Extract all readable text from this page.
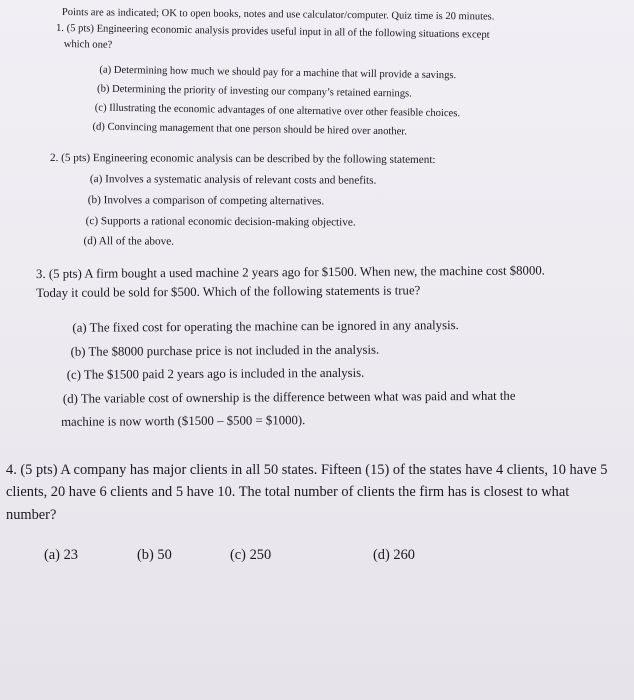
Points are as indicated; OK to open books, notes and use calculator/computer. Quiz time is 20 minutes.
1. (5 pts) Engineering economic analysis provides useful input in all of the following situations except
which one?
(a) Determining how much we should pay for a machine that will provide a savings.
(b) Determining the priority of investing our company’s retained earnings.
(c) Illustrating the economic advantages of one alternative over other feasible choices.
(d) Convincing management that one person should be hired over another.
2. (5 pts) Engineering economic analysis can be described by the following statement:
(a) Involves a systematic analysis of relevant costs and benefits.
(b) Involves a comparison of competing alternatives.
(c) Supports a rational economic decision-making objective.
(d) All of the above.
3. (5 pts) A firm bought a used machine 2 years ago for $1500. When new, the machine cost $8000.
Today it could be sold for $500. Which of the following statements is true?
(a) The fixed cost for operating the machine can be ignored in any analysis.
(b) The $8000 purchase price is not included in the analysis.
(c) The $1500 paid 2 years ago is included in the analysis.
(d) The variable cost of ownership is the difference between what was paid and what the
machine is now worth ($1500 – $500 = $1000).
4. (5 pts) A company has major clients in all 50 states. Fifteen (15) of the states have 4 clients, 10 have 5
clients, 20 have 6 clients and 5 have 10. The total number of clients the firm has is closest to what
number?
(a) 23	(b) 50	(c) 250	(d) 260
